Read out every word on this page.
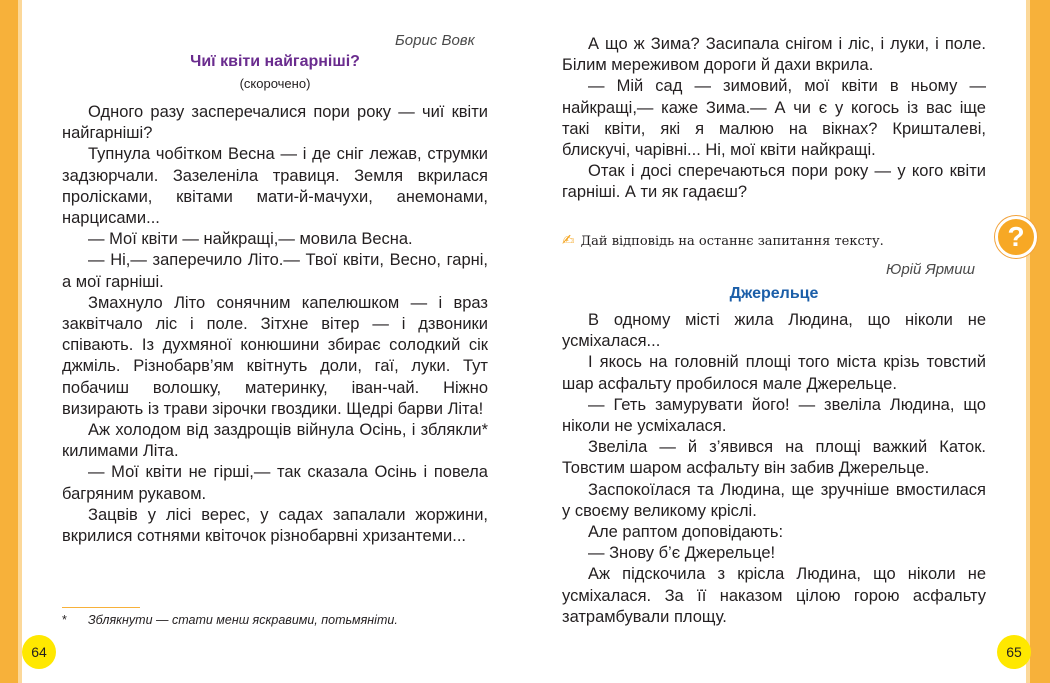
Борис Вовк
Чиї квіти найгарніші?
(скорочено)

Одного разу засперечалися пори року — чиї квіти найгарніші?

Тупнула чобітком Весна — і де сніг лежав, струмки задзюрчали. Зазеленіла травиця. Земля вкрилася пролісками, квітами мати-й-мачухи, анемонами, нарцисами...

— Мої квіти — найкращі,— мовила Весна.

— Ні,— заперечило Літо.— Твої квіти, Весно, гарні, а мої гарніші.

Змахнуло Літо сонячним капелюшком — і враз заквітчало ліс і поле. Зітхне вітер — і дзвоники співають. Із духмяної конюшини збирає солодкий сік джміль. Різнобарв’ям квітнуть доли, гаї, луки. Тут побачиш волошку, материнку, іван-чай. Ніжно визирають із трави зірочки гвоздики. Щедрі барви Літа!

Аж холодом від заздрощів війнула Осінь, і зблякли* килимами Літа.

— Мої квіти не гірші,— так сказала Осінь і повела багряним рукавом.

Зацвів у лісі верес, у садах запалали жоржини, вкрилися сотнями квіточок різнобарвні хризантеми...

* Зблякнути — стати менш яскравими, потьмяніти.
64

А що ж Зима? Засипала снігом і ліс, і луки, і поле. Білим мереживом дороги й дахи вкрила.

— Мій сад — зимовий, мої квіти в ньому — найкращі,— каже Зима.— А чи є у когось із вас іще такі квіти, які я малюю на вікнах? Кришталеві, блискучі, чарівні... Ні, мої квіти найкращі.

Отак і досі сперечаються пори року — у кого квіти гарніші. А ти як гадаєш?

✍ Дай відповідь на останнє запитання тексту.	?
Юрій Ярмиш
Джерельце

В одному місті жила Людина, що ніколи не усміхалася...

І якось на головній площі того міста крізь товстий шар асфальту пробилося мале Джерельце.

— Геть замурувати його! — звеліла Людина, що ніколи не усміхалася.

Звеліла — й з’явився на площі важкий Каток. Товстим шаром асфальту він забив Джерельце.

Заспокоїлася та Людина, ще зручніше вмостилася у своєму великому кріслі.

Але раптом доповідають:

— Знову б’є Джерельце!

Аж підскочила з крісла Людина, що ніколи не усміхалася. За її наказом цілою горою асфальту затрамбували площу.

65
